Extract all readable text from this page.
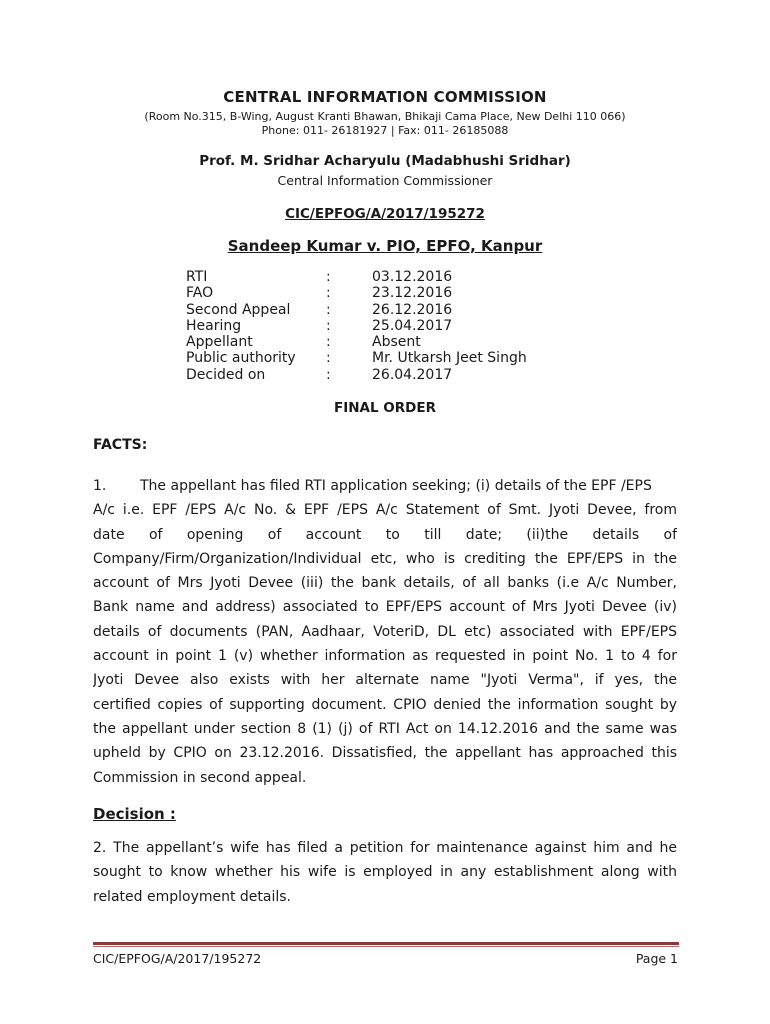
CENTRAL INFORMATION COMMISSION
(Room No.315, B-Wing, August Kranti Bhawan, Bhikaji Cama Place, New Delhi 110 066)
Phone: 011- 26181927 | Fax: 011- 26185088
Prof. M. Sridhar Acharyulu (Madabhushi Sridhar)
Central Information Commissioner
CIC/EPFOG/A/2017/195272
Sandeep Kumar v. PIO, EPFO, Kanpur
RTI	:	03.12.2016
FAO	:	23.12.2016
Second Appeal	:	26.12.2016
Hearing	:	25.04.2017
Appellant	:	Absent
Public authority	:	Mr. Utkarsh Jeet Singh
Decided on	:	26.04.2017
FINAL ORDER
FACTS:
1. The appellant has filed RTI application seeking; (i) details of the EPF /EPS
A/c i.e. EPF /EPS A/c No. & EPF /EPS A/c Statement of Smt. Jyoti Devee, from
date of opening of account to till date; (ii)the details of
Company/Firm/Organization/Individual etc, who is crediting the EPF/EPS in the
account of Mrs Jyoti Devee (iii) the bank details, of all banks (i.e A/c Number,
Bank name and address) associated to EPF/EPS account of Mrs Jyoti Devee (iv)
details of documents (PAN, Aadhaar, VoteriD, DL etc) associated with EPF/EPS
account in point 1 (v) whether information as requested in point No. 1 to 4 for
Jyoti Devee also exists with her alternate name "Jyoti Verma", if yes, the
certified copies of supporting document. CPIO denied the information sought by
the appellant under section 8 (1) (j) of RTI Act on 14.12.2016 and the same was
upheld by CPIO on 23.12.2016. Dissatisfied, the appellant has approached this
Commission in second appeal.
Decision :
2. The appellant’s wife has filed a petition for maintenance against him and he
sought to know whether his wife is employed in any establishment along with
related employment details.
CIC/EPFOG/A/2017/195272	Page 1
